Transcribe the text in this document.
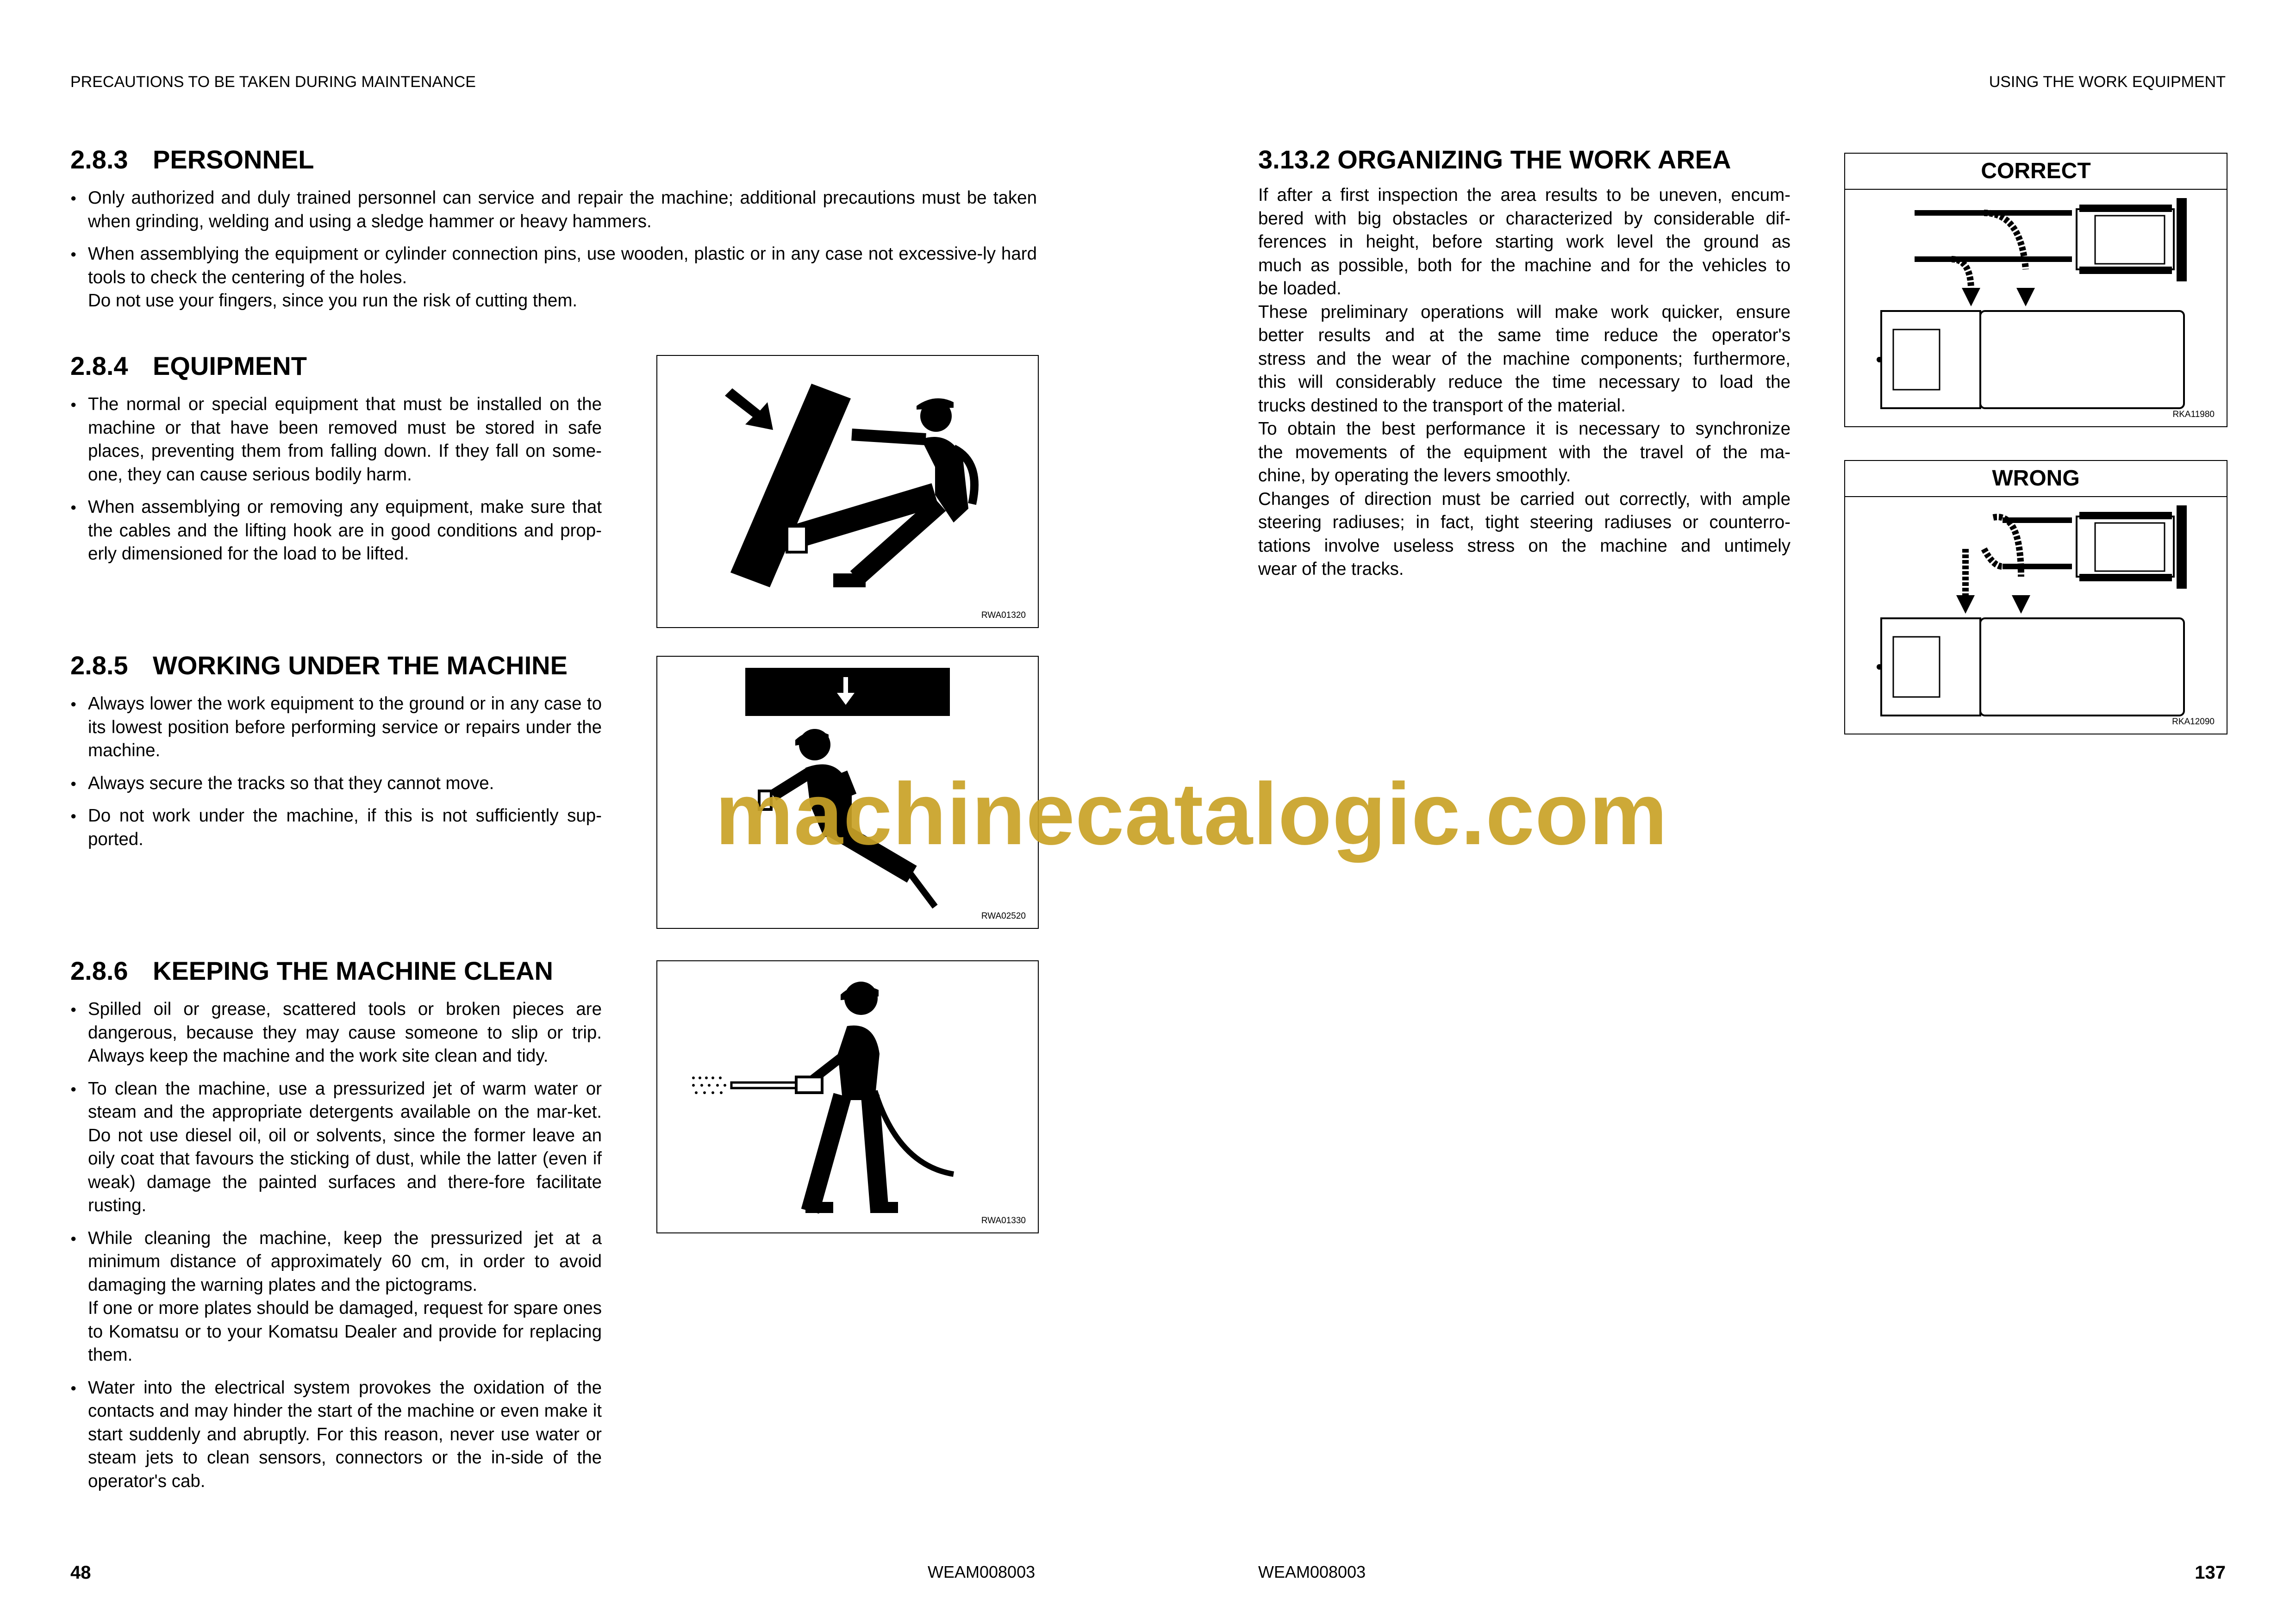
PRECAUTIONS TO BE TAKEN DURING MAINTENANCE
2.8.3 PERSONNEL
● Only authorized and duly trained personnel can service and repair the machine; additional precautions must be taken when grinding, welding and using a sledge hammer or heavy hammers.
● When assemblying the equipment or cylinder connection pins, use wooden, plastic or in any case not excessive-ly hard tools to check the centering of the holes.
Do not use your fingers, since you run the risk of cutting them.
2.8.4 EQUIPMENT
● The normal or special equipment that must be installed on the machine or that have been removed must be stored in safe places, preventing them from falling down. If they fall on some-one, they can cause serious bodily harm.
● When assemblying or removing any equipment, make sure that the cables and the lifting hook are in good conditions and prop-erly dimensioned for the load to be lifted.
RWA01320
2.8.5 WORKING UNDER THE MACHINE
● Always lower the work equipment to the ground or in any case to its lowest position before performing service or repairs under the machine.
● Always secure the tracks so that they cannot move.
● Do not work under the machine, if this is not sufficiently sup-ported.
RWA02520
2.8.6 KEEPING THE MACHINE CLEAN
● Spilled oil or grease, scattered tools or broken pieces are dangerous, because they may cause someone to slip or trip. Always keep the machine and the work site clean and tidy.
● To clean the machine, use a pressurized jet of warm water or steam and the appropriate detergents available on the mar-ket. Do not use diesel oil, oil or solvents, since the former leave an oily coat that favours the sticking of dust, while the latter (even if weak) damage the painted surfaces and there-fore facilitate rusting.
● While cleaning the machine, keep the pressurized jet at a minimum distance of approximately 60 cm, in order to avoid damaging the warning plates and the pictograms.
If one or more plates should be damaged, request for spare ones to Komatsu or to your Komatsu Dealer and provide for replacing them.
● Water into the electrical system provokes the oxidation of the contacts and may hinder the start of the machine or even make it start suddenly and abruptly. For this reason, never use water or steam jets to clean sensors, connectors or the in-side of the operator's cab.
RWA01330
48	WEAM008003
USING THE WORK EQUIPMENT
3.13.2 ORGANIZING THE WORK AREA

If after a first inspection the area results to be uneven, encum-

bered with big obstacles or characterized by considerable dif-

ferences in height, before starting work level the ground as

much as possible, both for the machine and for the vehicles to

be loaded.

These preliminary operations will make work quicker, ensure

better results and at the same time reduce the operator's

stress and the wear of the machine components; furthermore,

this will considerably reduce the time necessary to load the

trucks destined to the transport of the material.

To obtain the best performance it is necessary to synchronize

the movements of the equipment with the travel of the ma-

chine, by operating the levers smoothly.

Changes of direction must be carried out correctly, with ample

steering radiuses; in fact, tight steering radiuses or counterro-

tations involve useless stress on the machine and untimely

wear of the tracks.

CORRECT
RKA11980
WRONG
RKA12090
WEAM008003	137
machinecatalogic.com
